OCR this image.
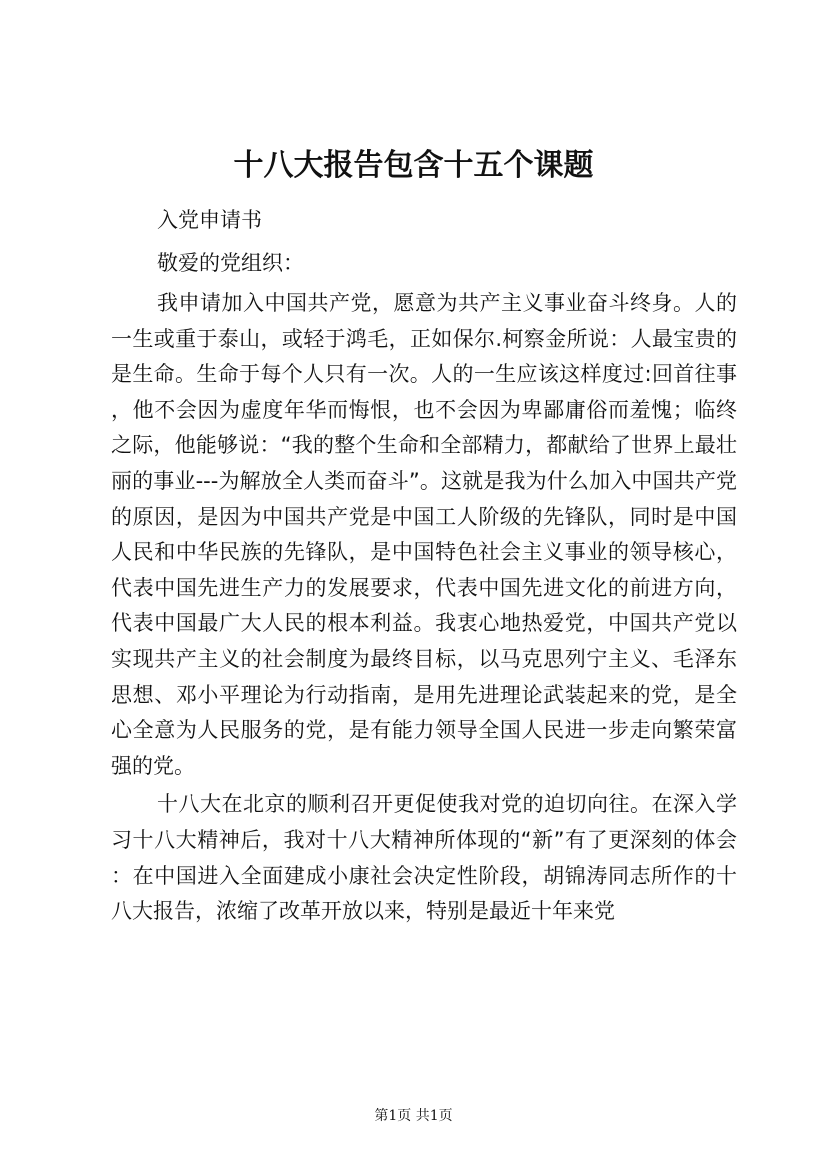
十八大报告包含十五个课题

入党申请书

敬爱的党组织：

我申请加入中国共产党，愿意为共产主义事业奋斗终身。人的一生或重于泰山，或轻于鸿毛，正如保尔.柯察金所说：人最宝贵的是生命。生命于每个人只有一次。人的一生应该这样度过:回首往事，他不会因为虚度年华而悔恨，也不会因为卑鄙庸俗而羞愧；临终之际，他能够说：“我的整个生命和全部精力，都献给了世界上最壮丽的事业---为解放全人类而奋斗”。这就是我为什么加入中国共产党的原因，是因为中国共产党是中国工人阶级的先锋队，同时是中国人民和中华民族的先锋队，是中国特色社会主义事业的领导核心，代表中国先进生产力的发展要求，代表中国先进文化的前进方向，代表中国最广大人民的根本利益。我衷心地热爱党，中国共产党以实现共产主义的社会制度为最终目标，以马克思列宁主义、毛泽东思想、邓小平理论为行动指南，是用先进理论武装起来的党，是全心全意为人民服务的党，是有能力领导全国人民进一步走向繁荣富强的党。

十八大在北京的顺利召开更促使我对党的迫切向往。在深入学习十八大精神后，我对十八大精神所体现的“新”有了更深刻的体会：在中国进入全面建成小康社会决定性阶段，胡锦涛同志所作的十八大报告，浓缩了改革开放以来，特别是最近十年来党

第1页 共1页
